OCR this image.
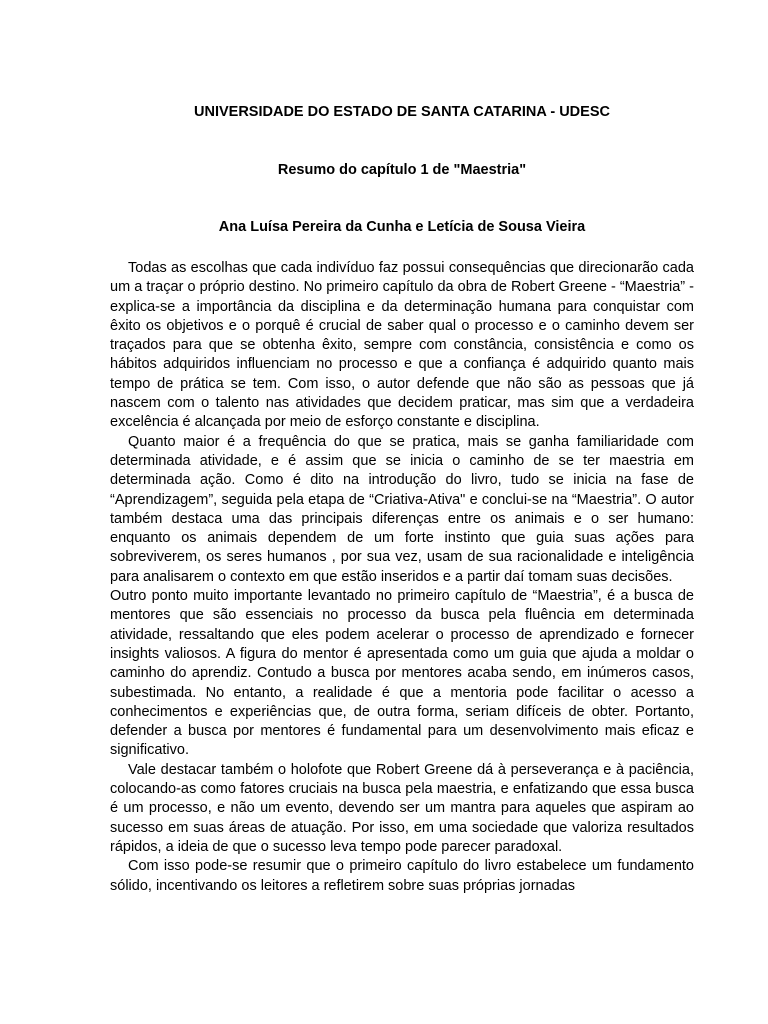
UNIVERSIDADE DO ESTADO DE SANTA CATARINA - UDESC
Resumo do capítulo 1 de "Maestria"
Ana Luísa Pereira da Cunha e Letícia de Sousa Vieira

Todas as escolhas que cada indivíduo faz possui consequências que direcionarão cada um a traçar o próprio destino. No primeiro capítulo da obra de Robert Greene - “Maestria” - explica-se a importância da disciplina e da determinação humana para conquistar com êxito os objetivos e o porquê é crucial de saber qual o processo e o caminho devem ser traçados para que se obtenha êxito, sempre com constância, consistência e como os hábitos adquiridos influenciam no processo e que a confiança é adquirido quanto mais tempo de prática se tem. Com isso, o autor defende que não são as pessoas que já nascem com o talento nas atividades que decidem praticar, mas sim que a verdadeira excelência é alcançada por meio de esforço constante e disciplina.

Quanto maior é a frequência do que se pratica, mais se ganha familiaridade com determinada atividade, e é assim que se inicia o caminho de se ter maestria em determinada ação. Como é dito na introdução do livro, tudo se inicia na fase de “Aprendizagem”, seguida pela etapa de “Criativa-Ativa" e conclui-se na “Maestria”. O autor também destaca uma das principais diferenças entre os animais e o ser humano: enquanto os animais dependem de um forte instinto que guia suas ações para sobreviverem, os seres humanos , por sua vez, usam de sua racionalidade e inteligência para analisarem o contexto em que estão inseridos e a partir daí tomam suas decisões.

Outro ponto muito importante levantado no primeiro capítulo de “Maestria”, é a busca de mentores que são essenciais no processo da busca pela fluência em determinada atividade, ressaltando que eles podem acelerar o processo de aprendizado e fornecer insights valiosos. A figura do mentor é apresentada como um guia que ajuda a moldar o caminho do aprendiz. Contudo a busca por mentores acaba sendo, em inúmeros casos, subestimada. No entanto, a realidade é que a mentoria pode facilitar o acesso a conhecimentos e experiências que, de outra forma, seriam difíceis de obter. Portanto, defender a busca por mentores é fundamental para um desenvolvimento mais eficaz e significativo.

Vale destacar também o holofote que Robert Greene dá à perseverança e à paciência, colocando-as como fatores cruciais na busca pela maestria, e enfatizando que essa busca é um processo, e não um evento, devendo ser um mantra para aqueles que aspiram ao sucesso em suas áreas de atuação. Por isso, em uma sociedade que valoriza resultados rápidos, a ideia de que o sucesso leva tempo pode parecer paradoxal.

Com isso pode-se resumir que o primeiro capítulo do livro estabelece um fundamento sólido, incentivando os leitores a refletirem sobre suas próprias jornadas
